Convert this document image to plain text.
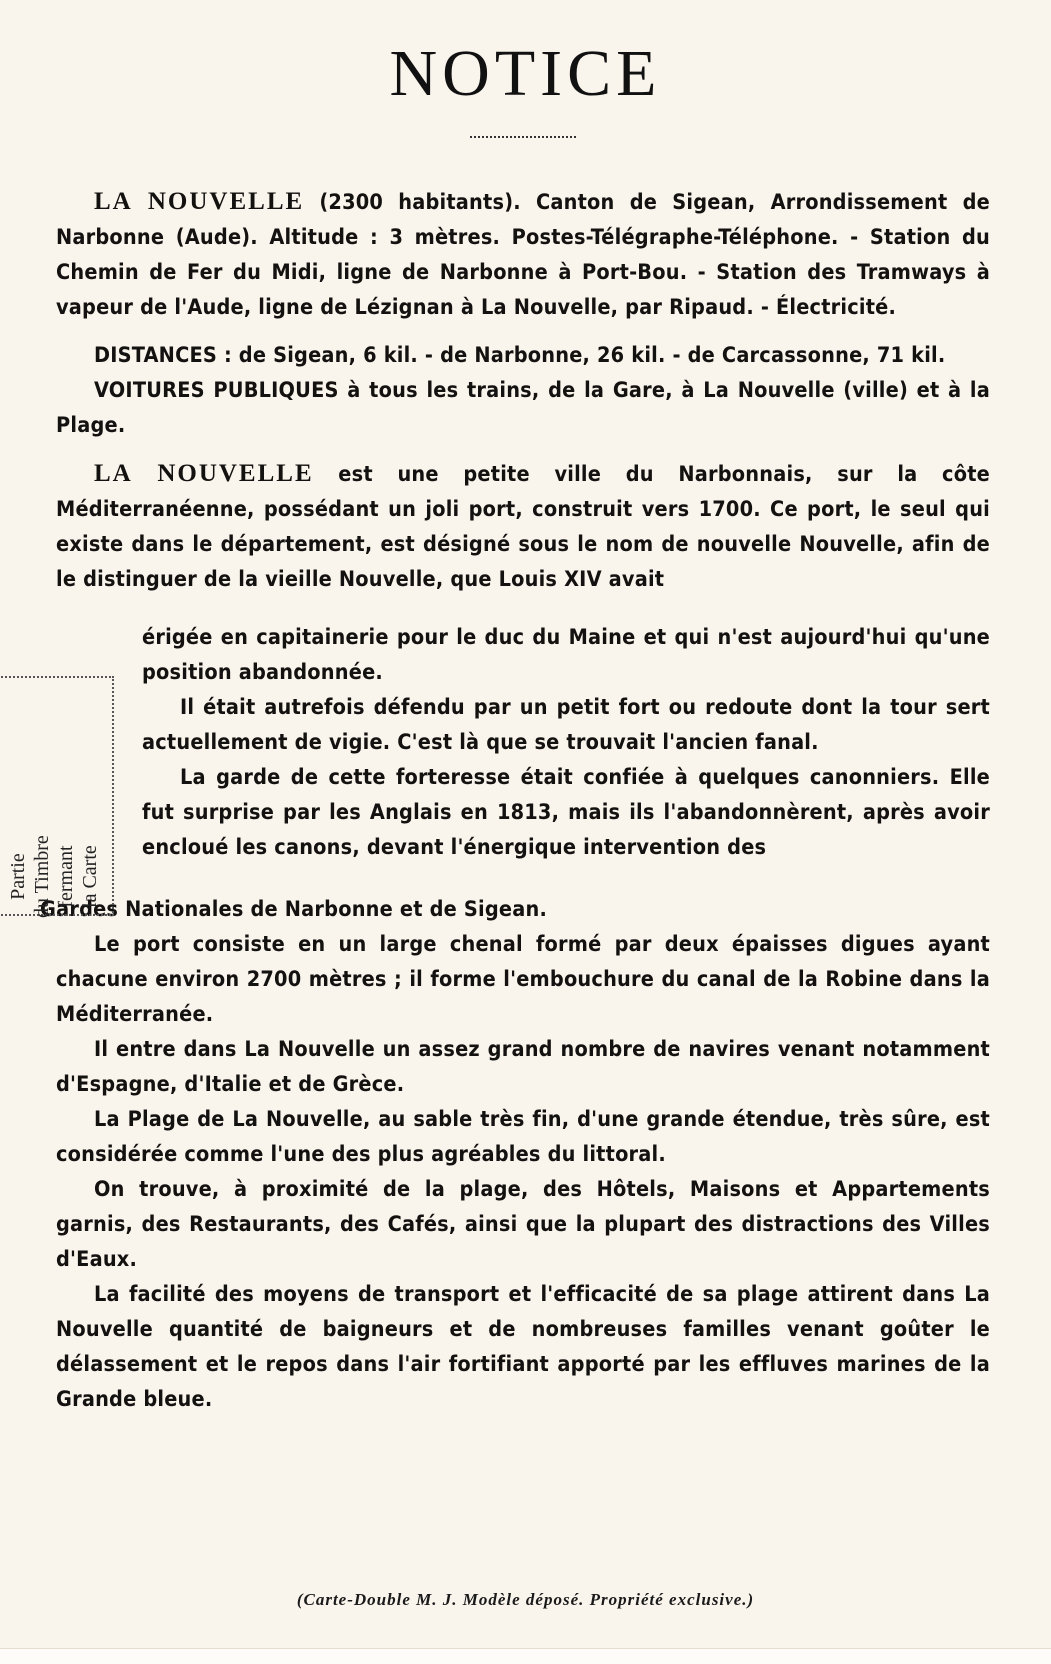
NOTICE

LA NOUVELLE (2300 habitants). Canton de Sigean, Arrondissement de Narbonne (Aude). Altitude : 3 mètres. Postes-Télégraphe-Téléphone. - Station du Chemin de Fer du Midi, ligne de Narbonne à Port-Bou. - Station des Tramways à vapeur de l'Aude, ligne de Lézignan à La Nouvelle, par Ripaud. - Électricité.

DISTANCES : de Sigean, 6 kil. - de Narbonne, 26 kil. - de Carcassonne, 71 kil.

VOITURES PUBLIQUES à tous les trains, de la Gare, à La Nouvelle (ville) et à la Plage.

LA NOUVELLE est une petite ville du Narbonnais, sur la côte Méditerranéenne, possédant un joli port, construit vers 1700. Ce port, le seul qui existe dans le département, est désigné sous le nom de nouvelle Nouvelle, afin de le distinguer de la vieille Nouvelle, que Louis XIV avait

érigée en capitainerie pour le duc du Maine et qui n'est aujourd'hui qu'une position abandonnée.

Il était autrefois défendu par un petit fort ou redoute dont la tour sert actuellement de vigie. C'est là que se trouvait l'ancien fanal.

La garde de cette forteresse était confiée à quelques canonniers. Elle fut surprise par les Anglais en 1813, mais ils l'abandonnèrent, après avoir encloué les canons, devant l'énergique intervention des

Gardes Nationales de Narbonne et de Sigean.

Le port consiste en un large chenal formé par deux épaisses digues ayant chacune environ 2700 mètres ; il forme l'embouchure du canal de la Robine dans la Méditerranée.

Il entre dans La Nouvelle un assez grand nombre de navires venant notamment d'Espagne, d'Italie et de Grèce.

La Plage de La Nouvelle, au sable très fin, d'une grande étendue, très sûre, est considérée comme l'une des plus agréables du littoral.

On trouve, à proximité de la plage, des Hôtels, Maisons et Appartements garnis, des Restaurants, des Cafés, ainsi que la plupart des distractions des Villes d'Eaux.

La facilité des moyens de transport et l'efficacité de sa plage attirent dans La Nouvelle quantité de baigneurs et de nombreuses familles venant goûter le délassement et le repos dans l'air fortifiant apporté par les effluves marines de la Grande bleue.

Partie du Timbre fermant la Carte
(Carte-Double M. J. Modèle déposé. Propriété exclusive.)
